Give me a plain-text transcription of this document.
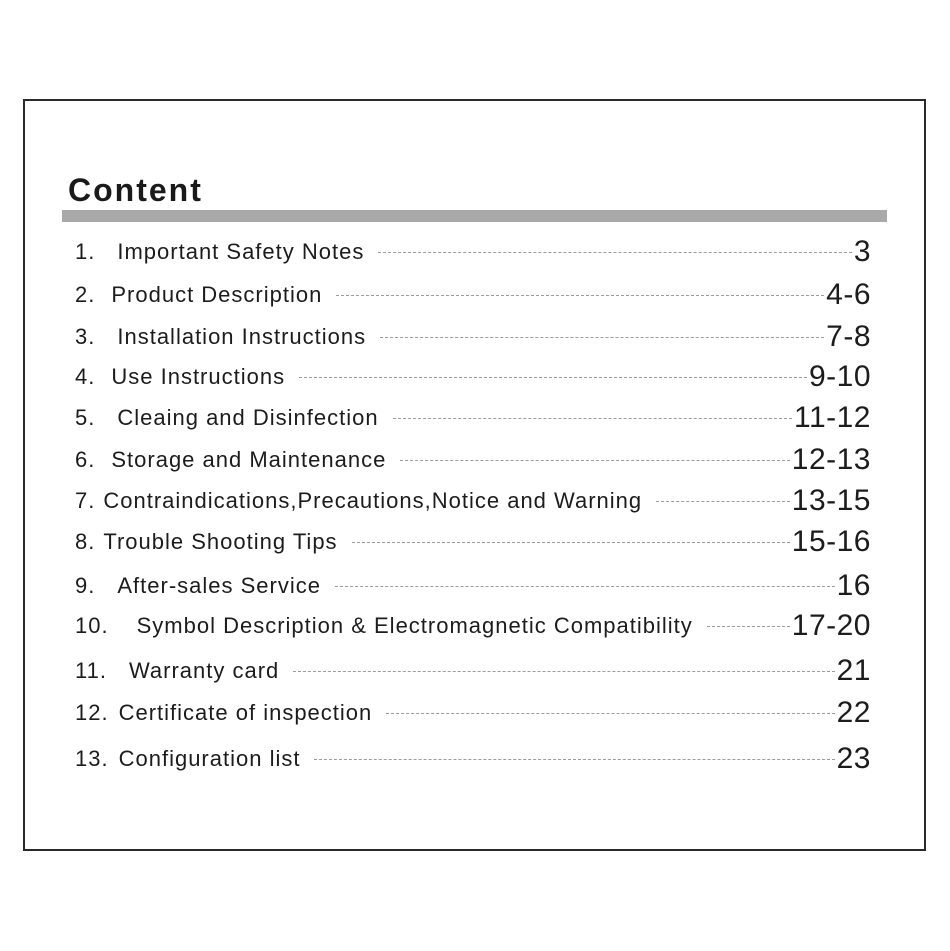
Content
1. Important Safety Notes	3
2. Product Description	4-6
3. Installation Instructions	7-8
4. Use Instructions	9-10
5. Cleaing and Disinfection	11-12
6. Storage and Maintenance	12-13
7. Contraindications,Precautions,Notice and Warning	13-15
8. Trouble Shooting Tips	15-16
9. After-sales Service	16
10. Symbol Description & Electromagnetic Compatibility	17-20
11. Warranty card	21
12. Certificate of inspection	22
13. Configuration list	23
